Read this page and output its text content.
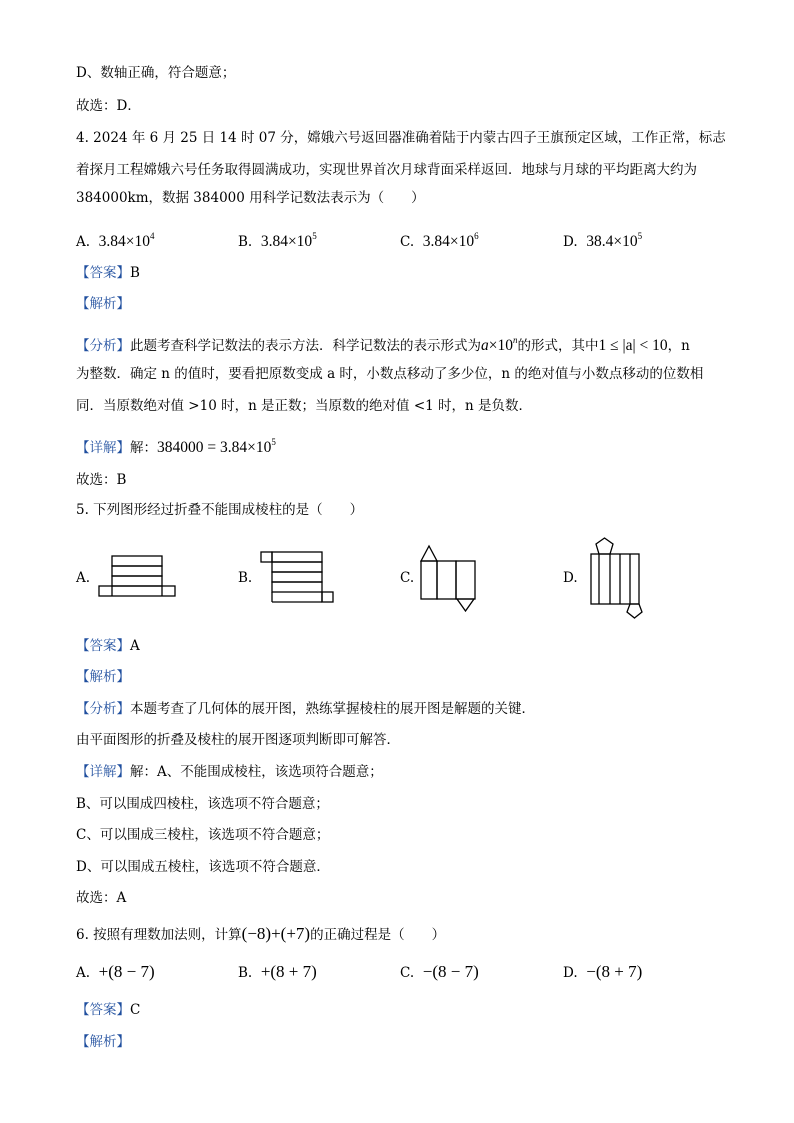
D、数轴正确，符合题意；
故选：D．
4. 2024 年 6 月 25 日 14 时 07 分，嫦娥六号返回器准确着陆于内蒙古四子王旗预定区域，工作正常，标志
着探月工程嫦娥六号任务取得圆满成功，实现世界首次月球背面采样返回．地球与月球的平均距离大约为
384000km，数据 384000 用科学记数法表示为（　　）
A. $3.84\times 10^4$	B. $3.84\times 10^5$	C. $3.84\times 10^6$	D. $38.4\times 10^5$
【答案】B
【解析】
【分析】此题考查科学记数法的表示方法．科学记数法的表示形式为$a\times 10^n$的形式，其中1 ≤ |a| < 10，n
为整数．确定 n 的值时，要看把原数变成 a 时，小数点移动了多少位，n 的绝对值与小数点移动的位数相
同．当原数绝对值 >10 时，n 是正数；当原数的绝对值 <1 时，n 是负数．
【详解】解：$384000 = 3.84\times 10^5$
故选：B
5. 下列图形经过折叠不能围成棱柱的是（　　）
A.	B.	C.	D.
【答案】A
【解析】
【分析】本题考查了几何体的展开图，熟练掌握棱柱的展开图是解题的关键．
由平面图形的折叠及棱柱的展开图逐项判断即可解答．
【详解】解：A、不能围成棱柱，该选项符合题意；
B、可以围成四棱柱，该选项不符合题意；
C、可以围成三棱柱，该选项不符合题意；
D、可以围成五棱柱，该选项不符合题意．
故选：A
6. 按照有理数加法则，计算(−8)+(+7)的正确过程是（　　）
A. +(8 − 7)	B. +(8 + 7)	C. −(8 − 7)	D. −(8 + 7)
【答案】C
【解析】
